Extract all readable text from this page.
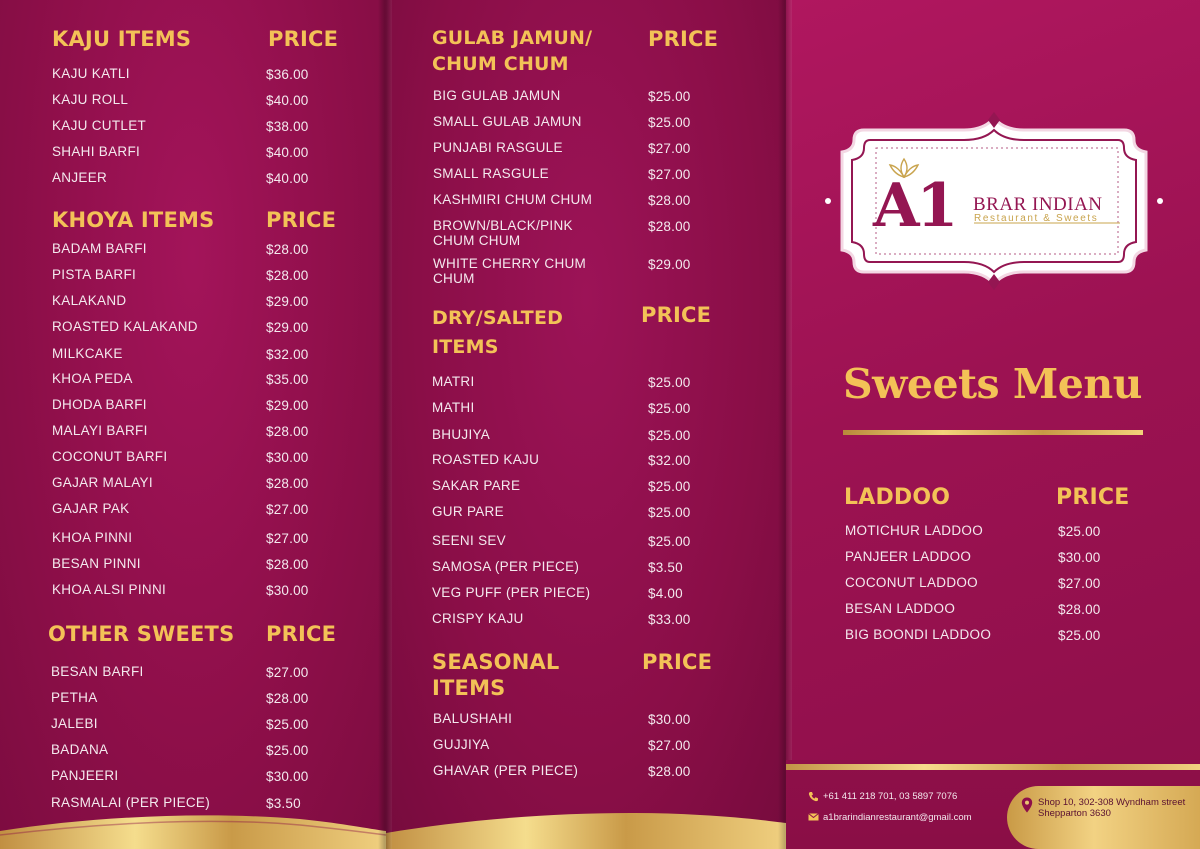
KAJU ITEMS	PRICE
KAJU KATLI	$36.00
KAJU ROLL	$40.00
KAJU CUTLET	$38.00
SHAHI BARFI	$40.00
ANJEER	$40.00
KHOYA ITEMS PRICE
BADAM BARFI	$28.00
PISTA BARFI	$28.00
KALAKAND	$29.00
ROASTED KALAKAND	$29.00
MILKCAKE	$32.00
KHOA PEDA	$35.00
DHODA BARFI	$29.00
MALAYI BARFI	$28.00
COCONUT BARFI	$30.00
GAJAR MALAYI	$28.00
GAJAR PAK	$27.00
KHOA PINNI	$27.00
BESAN PINNI	$28.00
KHOA ALSI PINNI	$30.00
OTHER SWEETS PRICE
BESAN BARFI	$27.00
PETHA	$28.00
JALEBI	$25.00
BADANA	$25.00
PANJEERI	$30.00
RASMALAI (PER PIECE)	$3.50
GULAB JAMUN/
CHUM CHUM
PRICE
BIG GULAB JAMUN	$25.00
SMALL GULAB JAMUN	$25.00
PUNJABI RASGULE	$27.00
SMALL RASGULE	$27.00
KASHMIRI CHUM CHUM	$28.00
BROWN/BLACK/PINK
CHUM CHUM
$28.00
WHITE CHERRY CHUM
CHUM
$29.00
DRY/SALTED
ITEMS
PRICE
MATRI	$25.00
MATHI	$25.00
BHUJIYA	$25.00
ROASTED KAJU	$32.00
SAKAR PARE	$25.00
GUR PARE	$25.00
SEENI SEV	$25.00
SAMOSA (PER PIECE)	$3.50
VEG PUFF (PER PIECE)	$4.00
CRISPY KAJU	$33.00
SEASONAL
ITEMS
PRICE
BALUSHAHI	$30.00
GUJJIYA	$27.00
GHAVAR (PER PIECE)	$28.00
A1 BRAR INDIAN
Restaurant & Sweets
Sweets Menu
LADDOO	PRICE
MOTICHUR LADDOO	$25.00
PANJEER LADDOO	$30.00
COCONUT LADDOO	$27.00
BESAN LADDOO	$28.00
BIG BOONDI LADDOO	$25.00
+61 411 218 701, 03 5897 7076
a1brarindianrestaurant@gmail.com
Shop 10, 302-308 Wyndham street
Shepparton 3630
